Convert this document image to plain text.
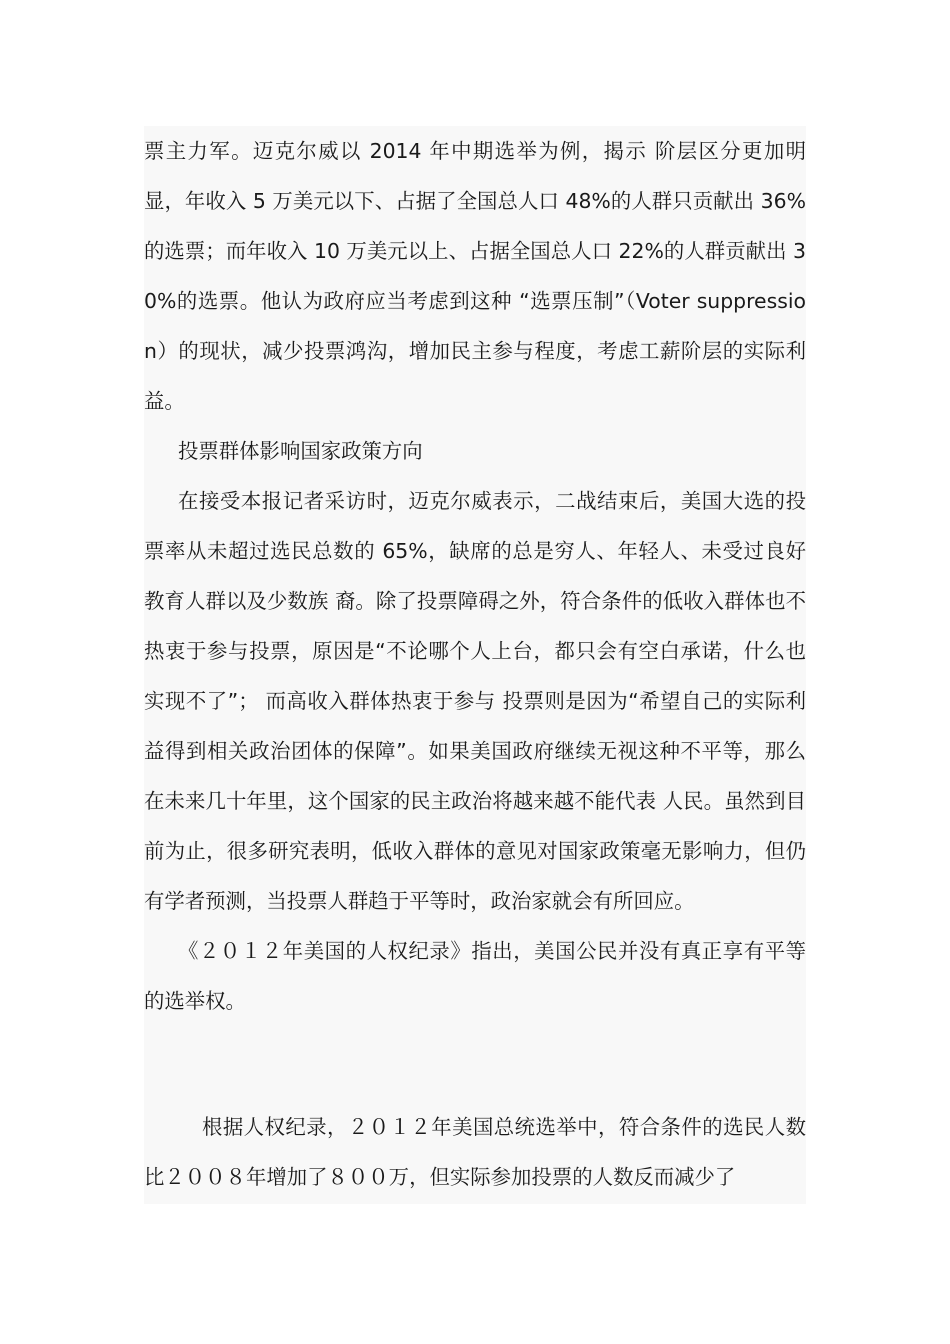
票主力军。迈克尔威以 2014 年中期选举为例，揭示 阶层区分更加明显，年收入 5 万美元以下、占据了全国总人口 48%的人群只贡献出 36%的选票；而年收入 10 万美元以上、占据全国总人口 22%的人群贡献出 30%的选票。他认为政府应当考虑到这种 “选票压制”（Voter suppression）的现状，减少投票鸿沟，增加民主参与程度，考虑工薪阶层的实际利益。

投票群体影响国家政策方向

在接受本报记者采访时，迈克尔威表示，二战结束后，美国大选的投票率从未超过选民总数的 65%，缺席的总是穷人、年轻人、未受过良好教育人群以及少数族 裔。除了投票障碍之外，符合条件的低收入群体也不热衷于参与投票，原因是“不论哪个人上台，都只会有空白承诺，什么也实现不了”； 而高收入群体热衷于参与 投票则是因为“希望自己的实际利益得到相关政治团体的保障”。如果美国政府继续无视这种不平等，那么在未来几十年里，这个国家的民主政治将越来越不能代表 人民。虽然到目前为止，很多研究表明，低收入群体的意见对国家政策毫无影响力，但仍有学者预测，当投票人群趋于平等时，政治家就会有所回应。

《２０１２年美国的人权纪录》指出，美国公民并没有真正享有平等的选举权。

根据人权纪录，２０１２年美国总统选举中，符合条件的选民人数比２００８年增加了８００万，但实际参加投票的人数反而减少了
